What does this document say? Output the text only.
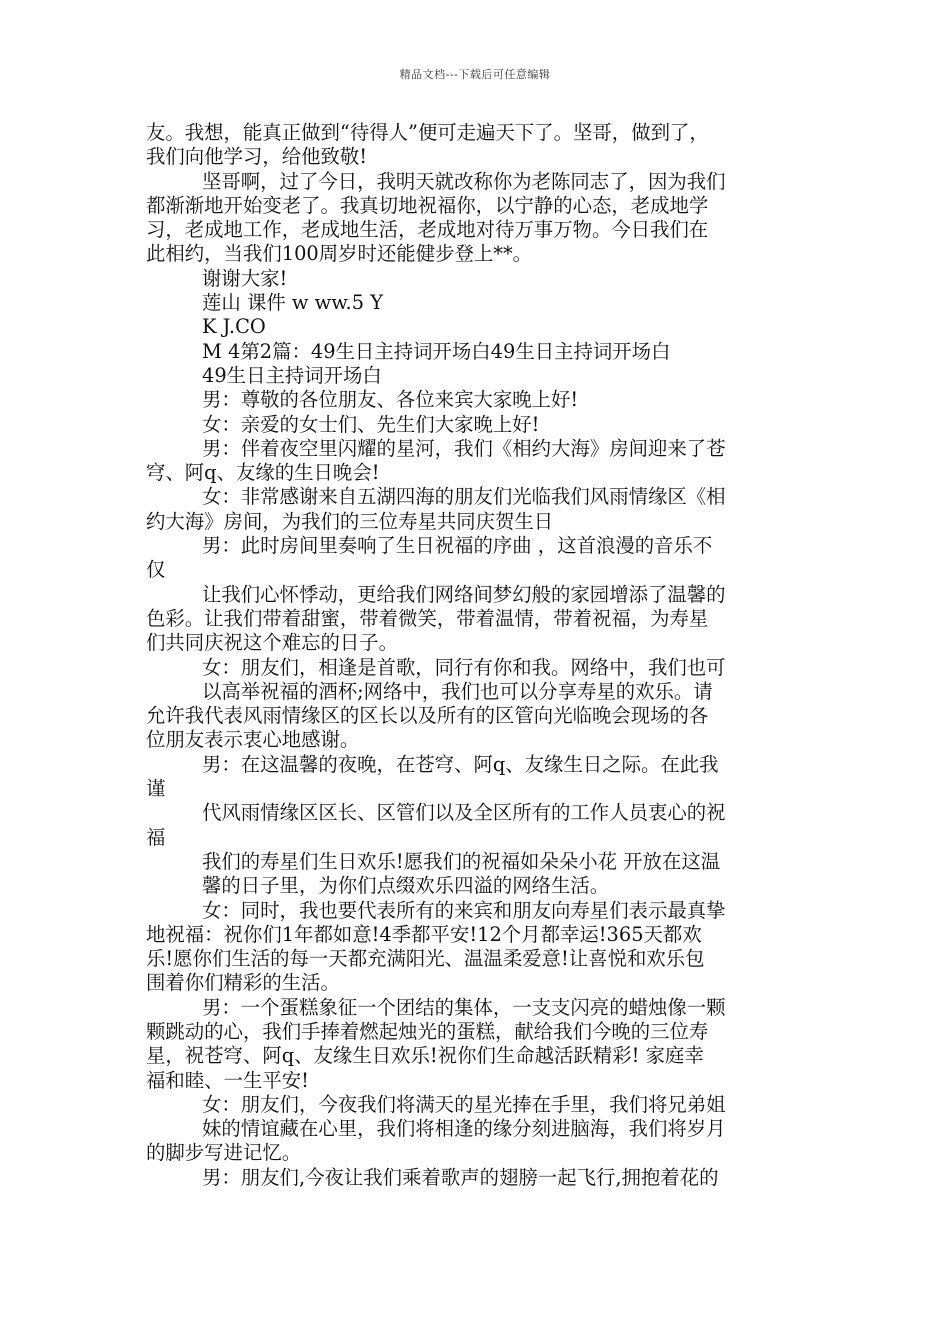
精品文档---下载后可任意编辑
友。我想，能真正做到“待得人”便可走遍天下了。坚哥，做到了，
我们向他学习，给他致敬!
坚哥啊，过了今日，我明天就改称你为老陈同志了，因为我们
都渐渐地开始变老了。我真切地祝福你，以宁静的心态，老成地学
习，老成地工作，老成地生活，老成地对待万事万物。今日我们在
此相约，当我们100周岁时还能健步登上**。
谢谢大家!
莲山 课件 w ww.5 Y
K J.CO
M 4第2篇：49生日主持词开场白49生日主持词开场白
49生日主持词开场白
男：尊敬的各位朋友、各位来宾大家晚上好!
女：亲爱的女士们、先生们大家晚上好!
男：伴着夜空里闪耀的星河，我们《相约大海》房间迎来了苍
穹、阿q、友缘的生日晚会!
女：非常感谢来自五湖四海的朋友们光临我们风雨情缘区《相
约大海》房间，为我们的三位寿星共同庆贺生日
男：此时房间里奏响了生日祝福的序曲 ，这首浪漫的音乐不
仅
让我们心怀悸动，更给我们网络间梦幻般的家园增添了温馨的
色彩。让我们带着甜蜜，带着微笑，带着温情，带着祝福，为寿星
们共同庆祝这个难忘的日子。
女：朋友们，相逢是首歌，同行有你和我。网络中，我们也可
以高举祝福的酒杯;网络中，我们也可以分享寿星的欢乐。请
允许我代表风雨情缘区的区长以及所有的区管向光临晚会现场的各
位朋友表示衷心地感谢。
男：在这温馨的夜晚，在苍穹、阿q、友缘生日之际。在此我
谨
代风雨情缘区区长、区管们以及全区所有的工作人员衷心的祝
福
我们的寿星们生日欢乐!愿我们的祝福如朵朵小花 开放在这温
馨的日子里，为你们点缀欢乐四溢的网络生活。
女：同时，我也要代表所有的来宾和朋友向寿星们表示最真挚
地祝福：祝你们1年都如意!4季都平安!12个月都幸运!365天都欢
乐!愿你们生活的每一天都充满阳光、温温柔爱意!让喜悦和欢乐包
围着你们精彩的生活。
男：一个蛋糕象征一个团结的集体，一支支闪亮的蜡烛像一颗
颗跳动的心，我们手捧着燃起烛光的蛋糕，献给我们今晚的三位寿
星，祝苍穹、阿q、友缘生日欢乐!祝你们生命越活跃精彩! 家庭幸
福和睦、一生平安!
女：朋友们，今夜我们将满天的星光捧在手里，我们将兄弟姐
妹的情谊藏在心里，我们将相逢的缘分刻进脑海，我们将岁月
的脚步写进记忆。
男：朋友们,今夜让我们乘着歌声的翅膀一起飞行,拥抱着花的
